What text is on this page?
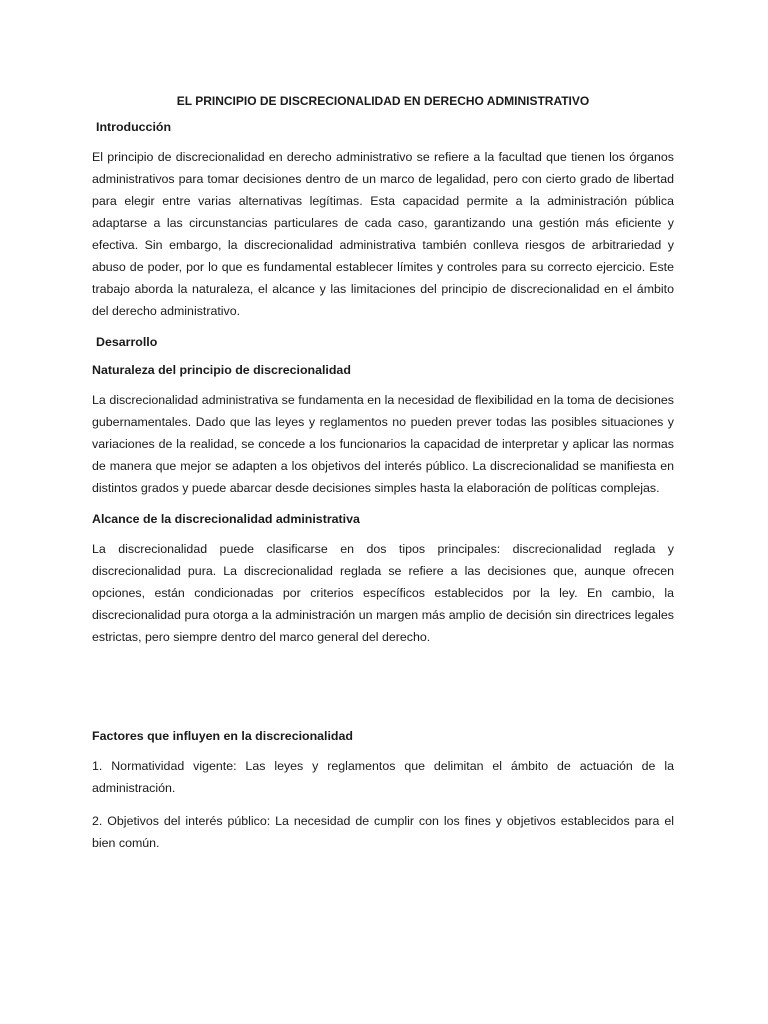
EL PRINCIPIO DE DISCRECIONALIDAD EN DERECHO ADMINISTRATIVO

Introducción

El principio de discrecionalidad en derecho administrativo se refiere a la facultad que tienen los órganos administrativos para tomar decisiones dentro de un marco de legalidad, pero con cierto grado de libertad para elegir entre varias alternativas legítimas. Esta capacidad permite a la administración pública adaptarse a las circunstancias particulares de cada caso, garantizando una gestión más eficiente y efectiva. Sin embargo, la discrecionalidad administrativa también conlleva riesgos de arbitrariedad y abuso de poder, por lo que es fundamental establecer límites y controles para su correcto ejercicio. Este trabajo aborda la naturaleza, el alcance y las limitaciones del principio de discrecionalidad en el ámbito del derecho administrativo.

Desarrollo

Naturaleza del principio de discrecionalidad

La discrecionalidad administrativa se fundamenta en la necesidad de flexibilidad en la toma de decisiones gubernamentales. Dado que las leyes y reglamentos no pueden prever todas las posibles situaciones y variaciones de la realidad, se concede a los funcionarios la capacidad de interpretar y aplicar las normas de manera que mejor se adapten a los objetivos del interés público. La discrecionalidad se manifiesta en distintos grados y puede abarcar desde decisiones simples hasta la elaboración de políticas complejas.

Alcance de la discrecionalidad administrativa

La discrecionalidad puede clasificarse en dos tipos principales: discrecionalidad reglada y discrecionalidad pura. La discrecionalidad reglada se refiere a las decisiones que, aunque ofrecen opciones, están condicionadas por criterios específicos establecidos por la ley. En cambio, la discrecionalidad pura otorga a la administración un margen más amplio de decisión sin directrices legales estrictas, pero siempre dentro del marco general del derecho.

Factores que influyen en la discrecionalidad

1. Normatividad vigente: Las leyes y reglamentos que delimitan el ámbito de actuación de la administración.

2. Objetivos del interés público: La necesidad de cumplir con los fines y objetivos establecidos para el bien común.
